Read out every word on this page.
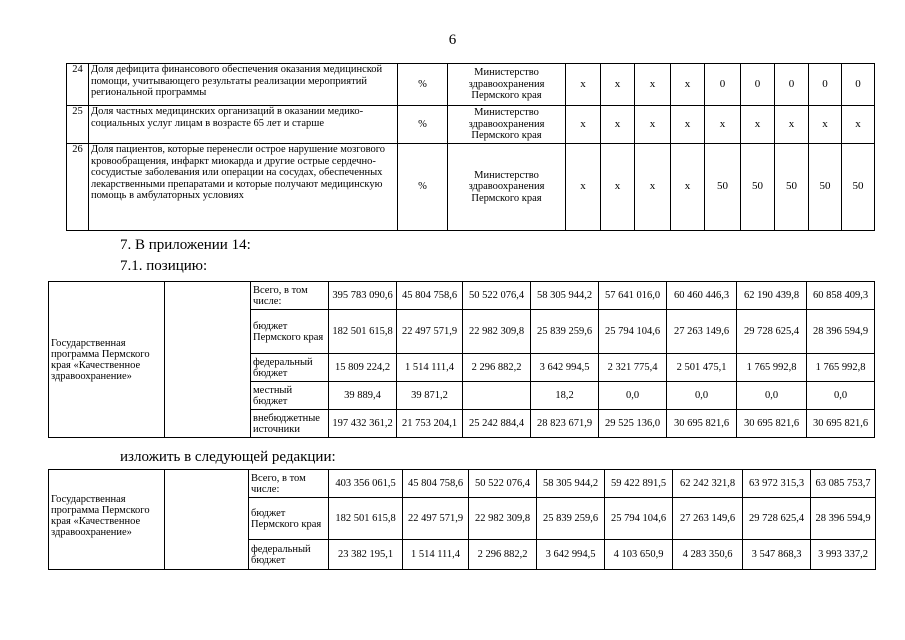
6
24	Доля дефицита финансового обеспечения оказания медицинской помощи, учитывающего результаты реализации мероприятий региональной программы	%	Министерство здравоохранения Пермского края	x	x	x	x	0	0	0	0	0
25	Доля частных медицинских организаций в оказании медико-социальных услуг лицам в возрасте 65 лет и старше	%	Министерство здравоохранения Пермского края	x	x	x	x	x	x	x	x	x
26	Доля пациентов, которые перенесли острое нарушение мозгового кровообращения, инфаркт миокарда и другие острые сердечно-сосудистые заболевания или операции на сосудах, обеспеченных лекарственными препаратами и которые получают медицинскую помощь в амбулаторных условиях	%	Министерство здравоохранения Пермского края	x	x	x	x	50	50	50	50	50
7. В приложении 14:
7.1. позицию:
Государственная программа Пермского края «Качественное здравоохранение»		Всего, в том числе:	395 783 090,6	45 804 758,6	50 522 076,4	58 305 944,2	57 641 016,0	60 460 446,3	62 190 439,8	60 858 409,3
		бюджет Пермского края	182 501 615,8	22 497 571,9	22 982 309,8	25 839 259,6	25 794 104,6	27 263 149,6	29 728 625,4	28 396 594,9
		федеральный бюджет	15 809 224,2	1 514 111,4	2 296 882,2	3 642 994,5	2 321 775,4	2 501 475,1	1 765 992,8	1 765 992,8
		местный бюджет	39 889,4	39 871,2		18,2	0,0	0,0	0,0	0,0
		внебюджетные источники	197 432 361,2	21 753 204,1	25 242 884,4	28 823 671,9	29 525 136,0	30 695 821,6	30 695 821,6	30 695 821,6
изложить в следующей редакции:
Государственная программа Пермского края «Качественное здравоохранение»		Всего, в том числе:	403 356 061,5	45 804 758,6	50 522 076,4	58 305 944,2	59 422 891,5	62 242 321,8	63 972 315,3	63 085 753,7
		бюджет Пермского края	182 501 615,8	22 497 571,9	22 982 309,8	25 839 259,6	25 794 104,6	27 263 149,6	29 728 625,4	28 396 594,9
		федеральный бюджет	23 382 195,1	1 514 111,4	2 296 882,2	3 642 994,5	4 103 650,9	4 283 350,6	3 547 868,3	3 993 337,2
